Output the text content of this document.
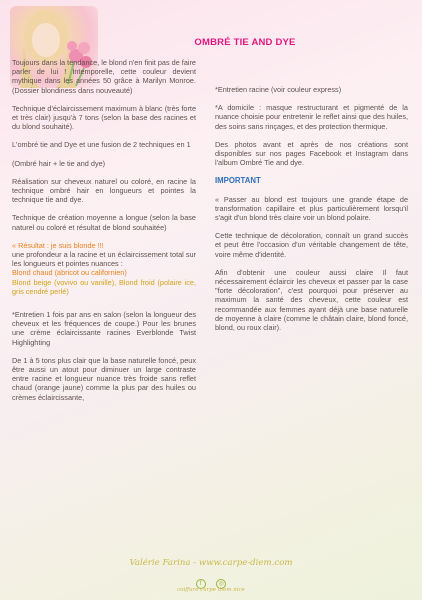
OMBRÉ TIE AND DYE

Toujours dans la tendance, le blond n'en finit pas de faire parler de lui ! Intemporelle, cette couleur devient mythique dans les années 50 grâce à Marilyn Monroe. (Dossier blondiness dans nouveauté)

Technique d'éclaircissement maximum à blanc (très forte et très clair) jusqu'à 7 tons (selon la base des racines et du blond souhaité).

L'ombré tie and Dye et une fusion de 2 techniques en 1

(Ombré hair + le tie and dye)

Réalisation sur cheveux naturel ou coloré, en racine la technique ombré hair en longueurs et pointes la technique tie and dye.

Technique de création moyenne a longue (selon la base naturel ou coloré et résultat de blond souhaitée)

« Résultat : je suis blonde !!!
une profondeur a la racine et un éclaircissement total sur les longueurs et pointes nuances :
Blond chaud (abricot ou californien)
Blond beige (vovivo ou vanille), Blond froid (polaire ice, gris cendré perlé)

*Entretien 1 fois par ans en salon (selon la longueur des cheveux et les fréquences de coupe.) Pour les brunes une crème éclaircissante racines Everblonde Twist Highlighting

De 1 à 5 tons plus clair que la base naturelle foncé, peux être aussi un atout pour diminuer un large contraste entre racine et longueur nuance très froide sans reflet chaud (orange jaune) comme la plus par des huiles ou crèmes éclaircissante,

*Entretien racine (voir couleur express)

*A domicile : masque restructurant et pigmenté de la nuance choisie pour entretenir le reflet ainsi que des huiles, des soins sans rinçages, et des protection thermique.

Des photos avant et après de nos créations sont disponibles sur nos pages Facebook et Instagram dans l'album Ombré Tie and dye.

IMPORTANT

« Passer au blond est toujours une grande étape de transformation capillaire et plus particulièrement lorsqu'il s'agit d'un blond très claire voir un blond polaire.

Cette technique de décoloration, connaît un grand succès et peut être l'occasion d'un véritable changement de tête, voire même d'identité.

Afin d'obtenir une couleur aussi claire Il faut nécessairement éclaircir les cheveux et passer par la case "forte décoloration", c'est pourquoi pour préserver au maximum la santé des cheveux, cette couleur est recommandée aux femmes ayant déjà une base naturelle de moyenne à claire (comme le châtain claire, blond foncé, blond, ou roux clair).

Valérie Farina - www.carpe-diem.com
f	◎
coiffure carpe diem nice
